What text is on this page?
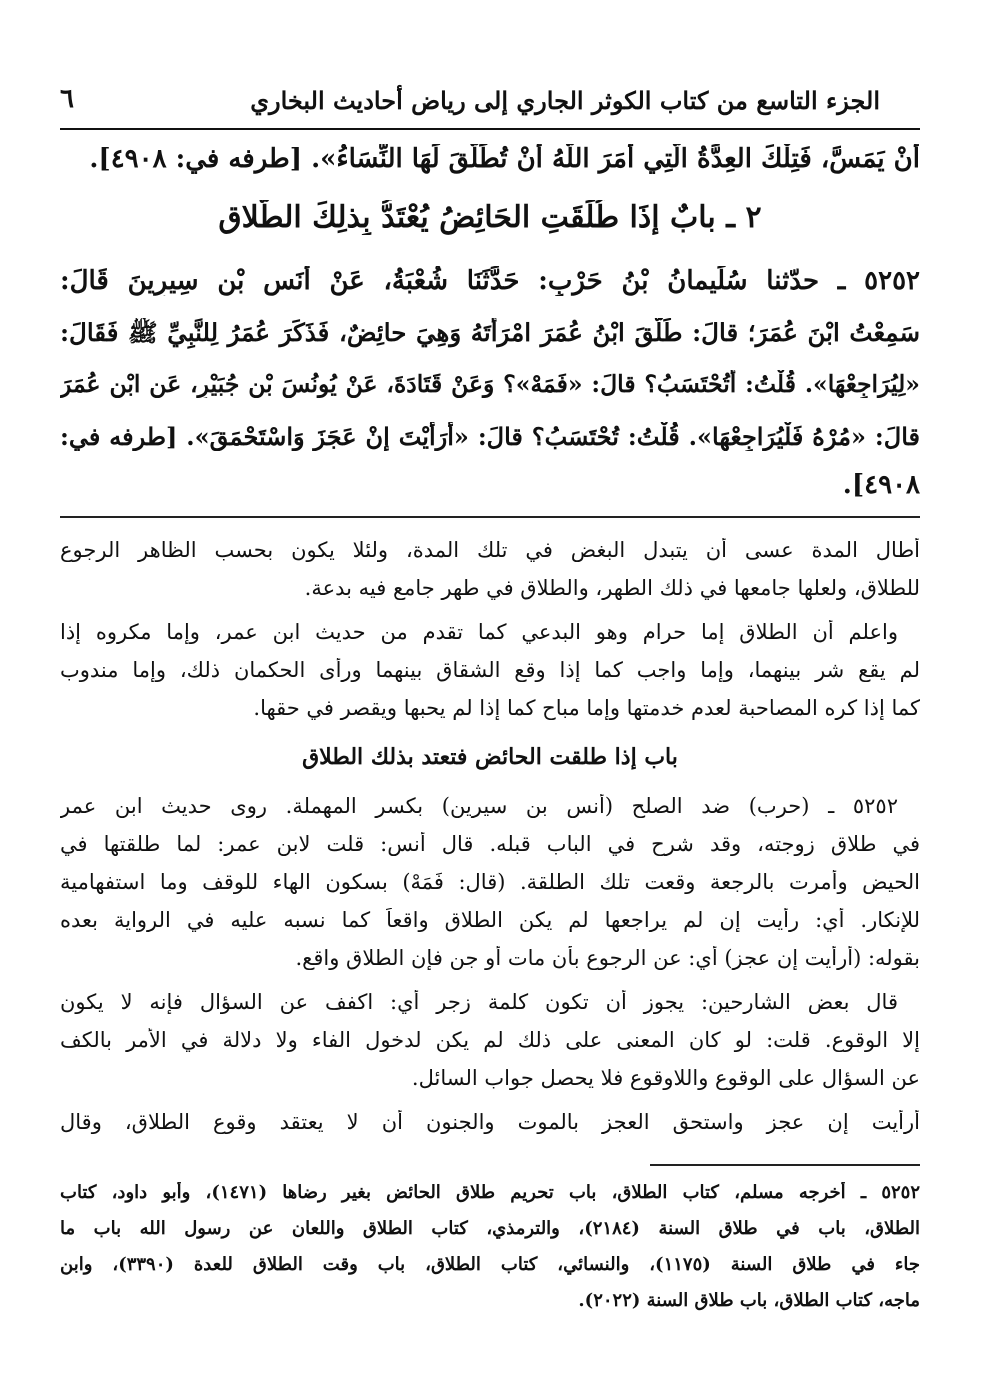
الجزء التاسع من كتاب الكوثر الجاري إلى رياض أحاديث البخاري
٦
أَنْ يَمَسَّ، فَتِلْكَ العِدَّةُ الَّتِي أَمَرَ اللَّهُ أَنْ تُطَلَّقَ لَهَا النِّسَاءُ». [طرفه في: ٤٩٠٨].
٢ ـ بابٌ إِذَا طُلِّقَتِ الحَائِضُ يُعْتَدُّ بِذلِكَ الطَّلاقِ
٥٢٥٢ ـ حدّثنا سُلَيمانُ بْنُ حَرْبٍ: حَدَّثَنَا شُعْبَةُ، عَنْ أَنَسِ بْنِ سِيرِينَ قَالَ:
سَمِعْتُ ابْنَ عُمَرَ؛ قالَ: طَلَّقَ ابْنُ عُمَرَ امْرَأَتَهُ وَهِيَ حائِضٌ، فَذَكَرَ عُمَرُ لِلنَّبِيِّ ﷺ فَقَالَ:
«لِيُرَاجِعْهَا». قُلْتُ: أَتُحْتَسَبُ؟ قالَ: «فَمَهْ»؟ وَعَنْ قَتَادَةَ، عَنْ يُونُسَ بْنِ جُبَيْرٍ، عَنِ ابْنِ عُمَرَ
قالَ: «مُرْهُ فَلْيُرَاجِعْهَا». قُلْتُ: تُحْتَسَبُ؟ قالَ: «أَرَأَيْتَ إِنْ عَجَزَ وَاسْتَحْمَقَ». [طرفه في:
٤٩٠٨].
أطال المدة عسى أن يتبدل البغض في تلك المدة، ولئلا يكون بحسب الظاهر الرجوع
للطلاق، ولعلها جامعها في ذلك الطهر، والطلاق في طهر جامع فيه بدعة.
واعلم أن الطلاق إما حرام وهو البدعي كما تقدم من حديث ابن عمر، وإما مكروه إذا
لم يقع شر بينهما، وإما واجب كما إذا وقع الشقاق بينهما ورأى الحكمان ذلك، وإما مندوب
كما إذا كره المصاحبة لعدم خدمتها وإما مباح كما إذا لم يحبها ويقصر في حقها.
باب إذا طلقت الحائض فتعتد بذلك الطلاق
٥٢٥٢ ـ (حرب) ضد الصلح (أنس بن سيرين) بكسر المهملة. روى حديث ابن عمر
في طلاق زوجته، وقد شرح في الباب قبله. قال أنس: قلت لابن عمر: لما طلقتها في
الحيض وأمرت بالرجعة وقعت تلك الطلقة. (قال: فَمَهْ) بسكون الهاء للوقف وما استفهامية
للإنكار. أي: رأيت إن لم يراجعها لم يكن الطلاق واقعاً كما نسبه عليه في الرواية بعده
بقوله: (أرأيت إن عجز) أي: عن الرجوع بأن مات أو جن فإن الطلاق واقع.
قال بعض الشارحين: يجوز أن تكون كلمة زجر أي: اكفف عن السؤال فإنه لا يكون
إلا الوقوع. قلت: لو كان المعنى على ذلك لم يكن لدخول الفاء ولا دلالة في الأمر بالكف
عن السؤال على الوقوع واللاوقوع فلا يحصل جواب السائل.
أرأيت إن عجز واستحق العجز بالموت والجنون أن لا يعتقد وقوع الطلاق، وقال
٥٢٥٢ ـ أخرجه مسلم، كتاب الطلاق، باب تحريم طلاق الحائض بغير رضاها (١٤٧١)، وأبو داود، كتاب
الطلاق، باب في طلاق السنة (٢١٨٤)، والترمذي، كتاب الطلاق واللعان عن رسول الله باب ما
جاء في طلاق السنة (١١٧٥)، والنسائي، كتاب الطلاق، باب وقت الطلاق للعدة (٣٣٩٠)، وابن
ماجه، كتاب الطلاق، باب طلاق السنة (٢٠٢٢).
